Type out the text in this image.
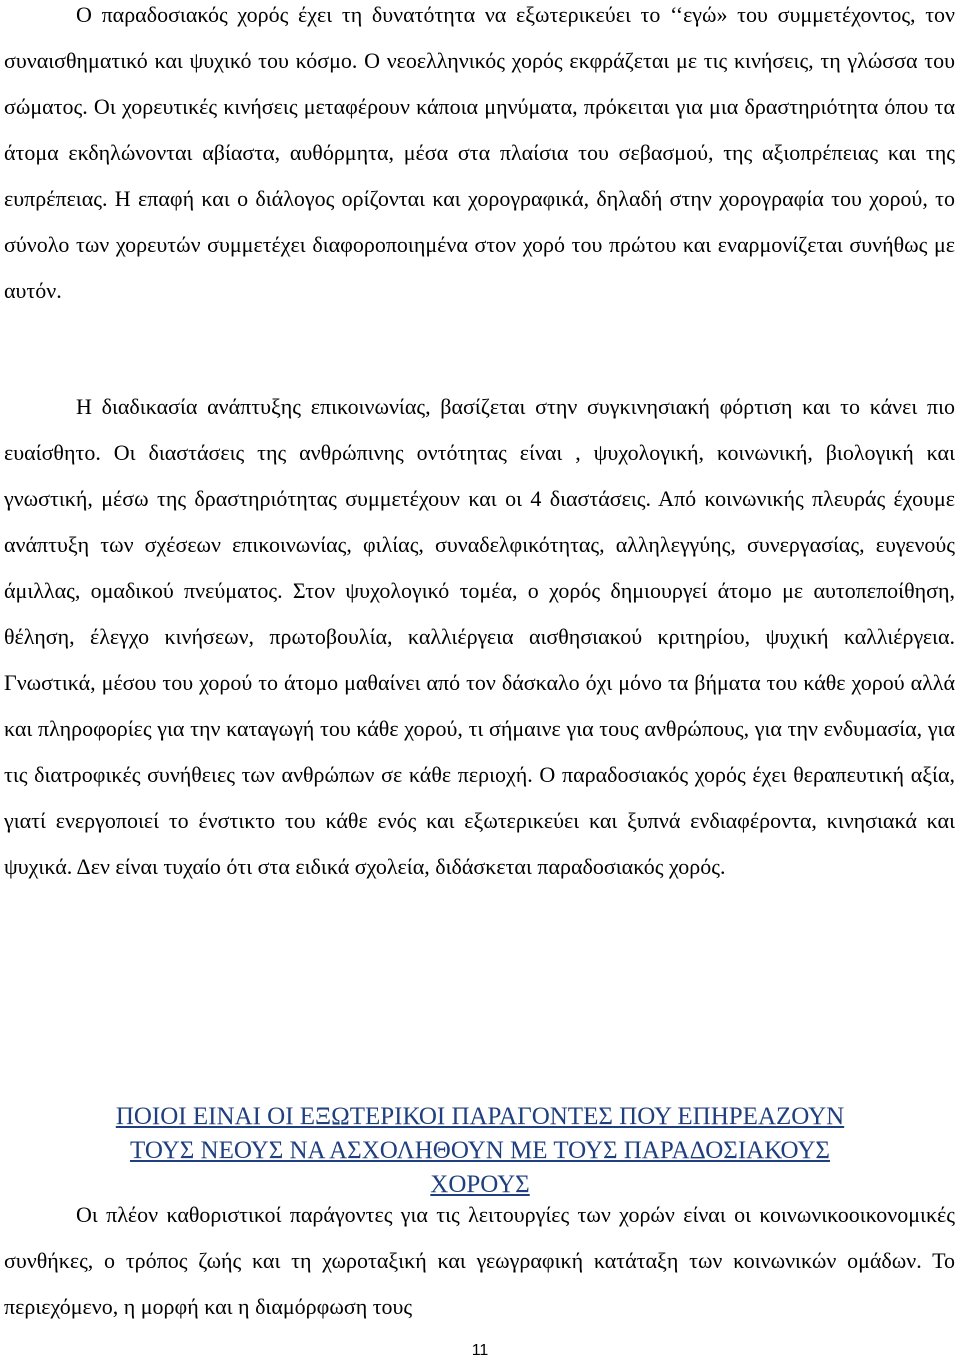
Ο παραδοσιακός χορός έχει τη δυνατότητα να εξωτερικεύει το ‘‘εγώ» του συμμετέχοντος, τον συναισθηματικό και ψυχικό του κόσμο. Ο νεοελληνικός χορός εκφράζεται με τις κινήσεις, τη γλώσσα του σώματος. Οι χορευτικές κινήσεις μεταφέρουν κάποια μηνύματα, πρόκειται για μια δραστηριότητα όπου τα άτομα εκδηλώνονται αβίαστα, αυθόρμητα, μέσα στα πλαίσια του σεβασμού, της αξιοπρέπειας και της ευπρέπειας. Η επαφή και ο διάλογος ορίζονται και χορογραφικά, δηλαδή στην χορογραφία του χορού, το σύνολο των χορευτών συμμετέχει διαφοροποιημένα στον χορό του πρώτου και εναρμονίζεται συνήθως με αυτόν.

Η διαδικασία ανάπτυξης επικοινωνίας, βασίζεται στην συγκινησιακή φόρτιση και το κάνει πιο ευαίσθητο. Οι διαστάσεις της ανθρώπινης οντότητας είναι , ψυχολογική, κοινωνική, βιολογική και γνωστική, μέσω της δραστηριότητας συμμετέχουν και οι 4 διαστάσεις. Από κοινωνικής πλευράς έχουμε ανάπτυξη των σχέσεων επικοινωνίας, φιλίας, συναδελφικότητας, αλληλεγγύης, συνεργασίας, ευγενούς άμιλλας, ομαδικού πνεύματος. Στον ψυχολογικό τομέα, ο χορός δημιουργεί άτομο με αυτοπεποίθηση, θέληση, έλεγχο κινήσεων, πρωτοβουλία, καλλιέργεια αισθησιακού κριτηρίου, ψυχική καλλιέργεια. Γνωστικά, μέσου του χορού το άτομο μαθαίνει από τον δάσκαλο όχι μόνο τα βήματα του κάθε χορού αλλά και πληροφορίες για την καταγωγή του κάθε χορού, τι σήμαινε για τους ανθρώπους, για την ενδυμασία, για τις διατροφικές συνήθειες των ανθρώπων σε κάθε περιοχή. Ο παραδοσιακός χορός έχει θεραπευτική αξία, γιατί ενεργοποιεί το ένστικτο του κάθε ενός και εξωτερικεύει και ξυπνά ενδιαφέροντα, κινησιακά και ψυχικά. Δεν είναι τυχαίο ότι στα ειδικά σχολεία, διδάσκεται παραδοσιακός χορός.

ΠΟΙΟΙ ΕΙΝΑΙ ΟΙ ΕΞΩΤΕΡΙΚΟΙ ΠΑΡΑΓΟΝΤΕΣ ΠΟΥ ΕΠΗΡΕΑΖΟΥΝ
ΤΟΥΣ ΝΕΟΥΣ ΝΑ ΑΣΧΟΛΗΘΟΥΝ ΜΕ ΤΟΥΣ ΠΑΡΑΔΟΣΙΑΚΟΥΣ
ΧΟΡΟΥΣ

Οι πλέον καθοριστικοί παράγοντες για τις λειτουργίες των χορών είναι οι κοινωνικοοικονομικές συνθήκες, ο τρόπος ζωής και τη χωροταξική και γεωγραφική κατάταξη των κοινωνικών ομάδων. Το περιεχόμενο, η μορφή και η διαμόρφωση τους

11
